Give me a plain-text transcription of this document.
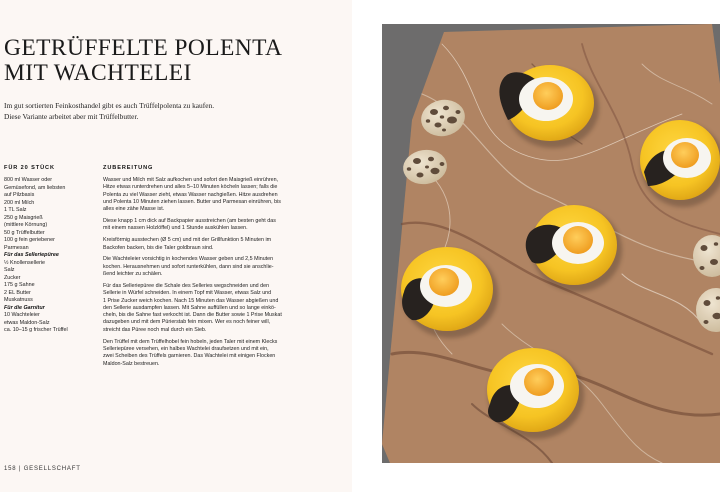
GETRÜFFELTE POLENTA
MIT WACHTELEI

Im gut sortierten Feinkosthandel gibt es auch Trüffelpolenta zu kaufen.
Diese Variante arbeitet aber mit Trüffelbutter.

FÜR 20 STÜCK
800 ml Wasser oder
Gemüsefond, am liebsten
auf Pilzbasis
200 ml Milch
1 TL Salz
250 g Maisgrieß
(mittlere Körnung)
50 g Trüffelbutter
100 g fein geriebener
Parmesan
Für das Selleriepüree
½ Knollensellerie
Salz
Zucker
175 g Sahne
2 EL Butter
Muskatnuss
Für die Garnitur
10 Wachteleier
etwas Maldon-Salz
ca. 10–15 g frischer Trüffel
ZUBEREITUNG

Wasser und Milch mit Salz aufkochen und sofort den Maisgrieß einrühren,
Hitze etwas runterdrehen und alles 5–10 Minuten köcheln lassen; falls die
Polenta zu viel Wasser zieht, etwas Wasser nachgießen. Hitze ausdrehen
und Polenta 10 Minuten ziehen lassen. Butter und Parmesan einrühren, bis
alles eine zähe Masse ist.

Diese knapp 1 cm dick auf Backpapier ausstreichen (am besten geht das
mit einem nassen Holzlöffel) und 1 Stunde auskühlen lassen.

Kreisförmig ausstechen (Ø 5 cm) und mit der Grillfunktion 5 Minuten im
Backofen backen, bis die Taler goldbraun sind.

Die Wachteleier vorsichtig in kochendes Wasser geben und 2,5 Minuten
kochen. Herausnehmen und sofort runterkühlen, dann sind sie anschlie-
ßend leichter zu schälen.

Für das Selleriepüree die Schale des Selleries wegschneiden und den
Sellerie in Würfel schneiden. In einem Topf mit Wasser, etwas Salz und
1 Prise Zucker weich kochen. Nach 15 Minuten das Wasser abgießen und
den Sellerie ausdampfen lassen. Mit Sahne auffüllen und so lange einkö-
cheln, bis die Sahne fast verkocht ist. Dann die Butter sowie 1 Prise Muskat
dazugeben und mit dem Pürierstab fein mixen. Wer es noch feiner will,
streicht das Püree noch mal durch ein Sieb.

Den Trüffel mit dem Trüffelhobel fein hobeln, jeden Taler mit einem Klecks
Selleriepüree versehen, ein halbes Wachtelei draufsetzen und mit ein,
zwei Scheiben des Trüffels garnieren. Das Wachtelei mit einigen Flocken
Maldon-Salz bestreuen.

158 | GESELLSCHAFT
